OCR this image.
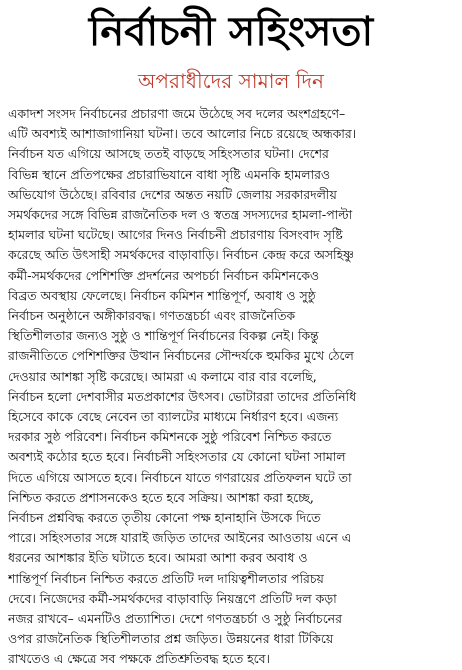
নির্বাচনী সহিংসতা
অপরাধীদের সামাল দিন
একাদশ সংসদ নির্বাচনের প্রচারণা জমে উঠেছে সব দলের অংশগ্রহণে–
এটি অবশ্যই আশাজাগানিয়া ঘটনা। তবে আলোর নিচে রয়েছে অন্ধকার।
নির্বাচন যত এগিয়ে আসছে ততই বাড়ছে সহিংসতার ঘটনা। দেশের
বিভিন্ন স্থানে প্রতিপক্ষের প্রচারাভিযানে বাধা সৃষ্টি এমনকি হামলারও
অভিযোগ উঠেছে। রবিবার দেশের অন্তত নয়টি জেলায় সরকারদলীয়
সমর্থকদের সঙ্গে বিভিন্ন রাজনৈতিক দল ও স্বতন্ত্র সদস্যদের হামলা-পাল্টা
হামলার ঘটনা ঘটেছে। আগের দিনও নির্বাচনী প্রচারণায় বিসংবাদ সৃষ্টি
করেছে অতি উৎসাহী সমর্থকদের বাড়াবাড়ি। নির্বাচন কেন্দ্র করে অসহিষ্ণু
কর্মী-সমর্থকদের পেশিশক্তি প্রদর্শনের অপচর্চা নির্বাচন কমিশনকেও
বিব্রত অবস্থায় ফেলেছে। নির্বাচন কমিশন শান্তিপূর্ণ, অবাধ ও সুষ্ঠু
নির্বাচন অনুষ্ঠানে অঙ্গীকারবদ্ধ। গণতন্ত্রচর্চা এবং রাজনৈতিক
স্থিতিশীলতার জন্যও সুষ্ঠু ও শান্তিপূর্ণ নির্বাচনের বিকল্প নেই। কিন্তু
রাজনীতিতে পেশিশক্তির উত্থান নির্বাচনের সৌন্দর্যকে হুমকির মুখে ঠেলে
দেওয়ার আশঙ্কা সৃষ্টি করেছে। আমরা এ কলামে বার বার বলেছি,
নির্বাচন হলো দেশবাসীর মতপ্রকাশের উৎসব। ভোটাররা তাদের প্রতিনিধি
হিসেবে কাকে বেছে নেবেন তা ব্যালটের মাধ্যমে নির্ধারণ হবে। এজন্য
দরকার সুষ্ঠ পরিবেশ। নির্বাচন কমিশনকে সুষ্ঠু পরিবেশ নিশ্চিত করতে
অবশ্যই কঠোর হতে হবে। নির্বাচনী সহিংসতার যে কোনো ঘটনা সামাল
দিতে এগিয়ে আসতে হবে। নির্বাচনে যাতে গণরায়ের প্রতিফলন ঘটে তা
নিশ্চিত করতে প্রশাসনকেও হতে হবে সক্রিয়। আশঙ্কা করা হচ্ছে,
নির্বাচন প্রশ্নবিদ্ধ করতে তৃতীয় কোনো পক্ষ হানাহানি উসকে দিতে
পারে। সহিংসতার সঙ্গে যারাই জড়িত তাদের আইনের আওতায় এনে এ
ধরনের আশঙ্কার ইতি ঘটাতে হবে। আমরা আশা করব অবাধ ও
শান্তিপূর্ণ নির্বাচন নিশ্চিত করতে প্রতিটি দল দায়িত্বশীলতার পরিচয়
দেবে। নিজেদের কর্মী-সমর্থকদের বাড়াবাড়ি নিয়ন্ত্রণে প্রতিটি দল কড়া
নজর রাখবে– এমনটিও প্রত্যাশিত। দেশে গণতন্ত্রচর্চা ও সুষ্ঠু নির্বাচনের
ওপর রাজনৈতিক স্থিতিশীলতার প্রশ্ন জড়িত। উন্নয়নের ধারা টিকিয়ে
রাখতেও এ ক্ষেত্রে সব পক্ষকে প্রতিশ্রুতিবদ্ধ হতে হবে।
